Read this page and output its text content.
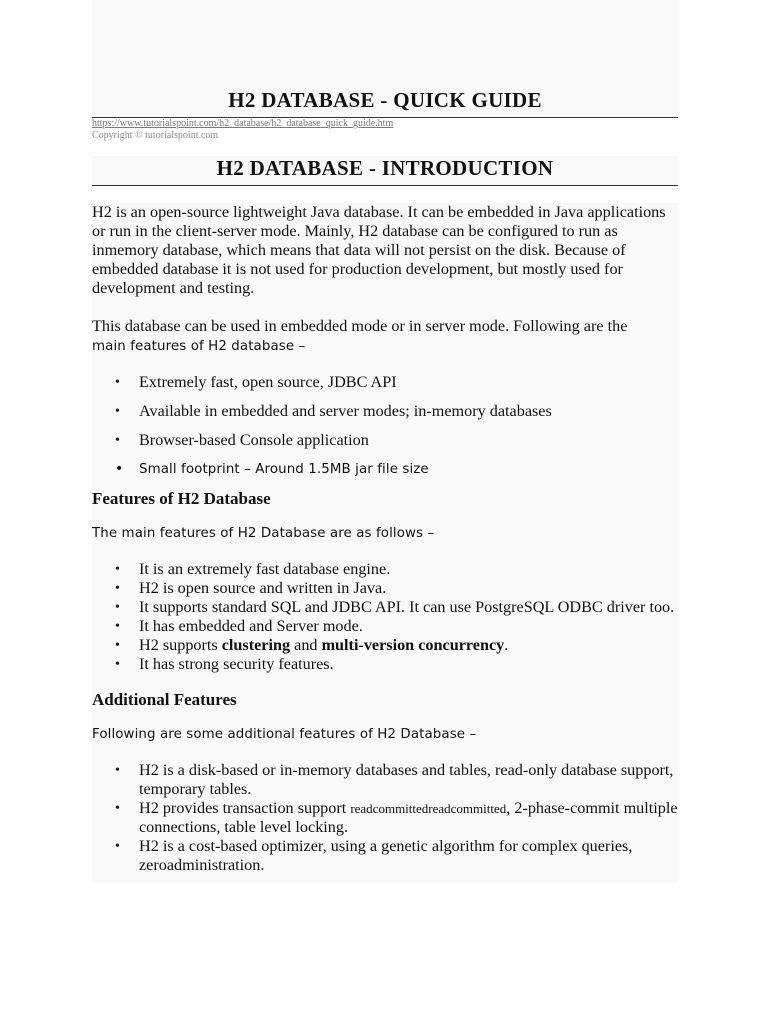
H2 DATABASE - QUICK GUIDE
https://www.tutorialspoint.com/h2_database/h2_database_quick_guide.htm
Copyright © tutorialspoint.com
H2 DATABASE - INTRODUCTION

H2 is an open-source lightweight Java database. It can be embedded in Java applications or run in the client-server mode. Mainly, H2 database can be configured to run as inmemory database, which means that data will not persist on the disk. Because of embedded database it is not used for production development, but mostly used for development and testing.

This database can be used in embedded mode or in server mode. Following are the
main features of H2 database –

• Extremely fast, open source, JDBC API
• Available in embedded and server modes; in-memory databases
• Browser-based Console application
• Small footprint – Around 1.5MB jar file size
Features of H2 Database

The main features of H2 Database are as follows –

• It is an extremely fast database engine.
• H2 is open source and written in Java.
• It supports standard SQL and JDBC API. It can use PostgreSQL ODBC driver too.
• It has embedded and Server mode.
• H2 supports clustering and multi-version concurrency.
• It has strong security features.
Additional Features

Following are some additional features of H2 Database –

• H2 is a disk-based or in-memory databases and tables, read-only database support, temporary tables.
• H2 provides transaction support readcommittedreadcommitted, 2-phase-commit multiple connections, table level locking.
• H2 is a cost-based optimizer, using a genetic algorithm for complex queries, zeroadministration.
